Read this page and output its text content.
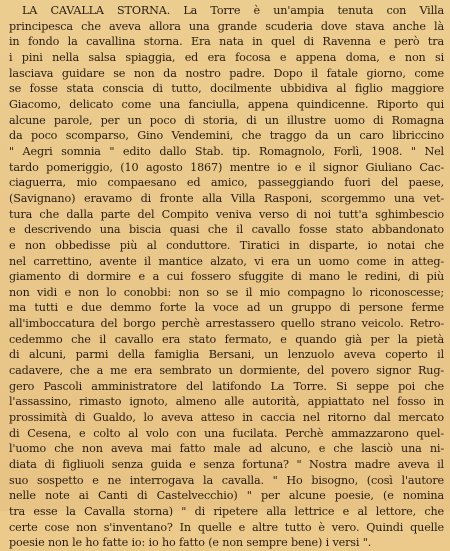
LA CAVALLA STORNA. La Torre è un'ampia tenuta con Villa
principesca che aveva allora una grande scuderia dove stava anche là
in fondo la cavallina storna. Era nata in quel di Ravenna e però tra
i pini nella salsa spiaggia, ed era focosa e appena doma, e non si
lasciava guidare se non da nostro padre. Dopo il fatale giorno, come
se fosse stata conscia di tutto, docilmente ubbidiva al figlio maggiore
Giacomo, delicato come una fanciulla, appena quindicenne. Riporto qui
alcune parole, per un poco di storia, di un illustre uomo di Romagna
da poco scomparso, Gino Vendemini, che traggo da un caro libriccino
" Aegri somnia " edito dallo Stab. tip. Romagnolo, Forlì, 1908. " Nel
tardo pomeriggio, (10 agosto 1867) mentre io e il signor Giuliano Cac-
ciaguerra, mio compaesano ed amico, passeggiando fuori del paese,
(Savignano) eravamo di fronte alla Villa Rasponi, scorgemmo una vet-
tura che dalla parte del Compito veniva verso di noi tutt'a sghimbescio
e descrivendo una biscia quasi che il cavallo fosse stato abbandonato
e non obbedisse più al conduttore. Tiratici in disparte, io notai che
nel carrettino, avente il mantice alzato, vi era un uomo come in atteg-
giamento di dormire e a cui fossero sfuggite di mano le redini, di più
non vidi e non lo conobbi: non so se il mio compagno lo riconoscesse;
ma tutti e due demmo forte la voce ad un gruppo di persone ferme
all'imboccatura del borgo perchè arrestassero quello strano veicolo. Retro-
cedemmo che il cavallo era stato fermato, e quando già per la pietà
di alcuni, parmi della famiglia Bersani, un lenzuolo aveva coperto il
cadavere, che a me era sembrato un dormiente, del povero signor Rug-
gero Pascoli amministratore del latifondo La Torre. Si seppe poi che
l'assassino, rimasto ignoto, almeno alle autorità, appiattato nel fosso in
prossimità di Gualdo, lo aveva atteso in caccia nel ritorno dal mercato
di Cesena, e colto al volo con una fucilata. Perchè ammazzarono quel-
l'uomo che non aveva mai fatto male ad alcuno, e che lasciò una ni-
diata di figliuoli senza guida e senza fortuna? " Nostra madre aveva il
suo sospetto e ne interrogava la cavalla. " Ho bisogno, (così l'autore
nelle note ai Canti di Castelvecchio) " per alcune poesie, (e nomina
tra esse la Cavalla storna) " di ripetere alla lettrice e al lettore, che
certe cose non s'inventano? In quelle e altre tutto è vero. Quindi quelle
poesie non le ho fatte io: io ho fatto (e non sempre bene) i versi ".
